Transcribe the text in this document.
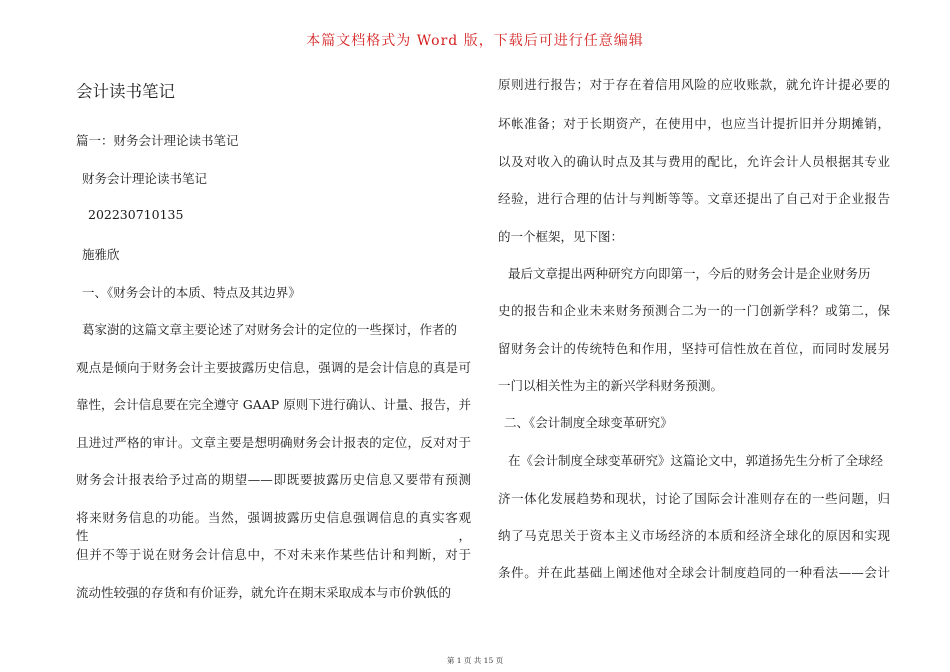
本篇文档格式为 Word 版，下载后可进行任意编辑
会计读书笔记
篇一：财务会计理论读书笔记
财务会计理论读书笔记
202230710135
施雅欣
一、《财务会计的本质、特点及其边界》
葛家澍的这篇文章主要论述了对财务会计的定位的一些探讨，作者的
观点是倾向于财务会计主要披露历史信息，强调的是会计信息的真是可
靠性，会计信息要在完全遵守 GAAP 原则下进行确认、计量、报告，并
且进过严格的审计。文章主要是想明确财务会计报表的定位，反对对于
财务会计报表给予过高的期望——即既要披露历史信息又要带有预测
将来财务信息的功能。当然，强调披露历史信息强调信息的真实客观性，
但并不等于说在财务会计信息中，不对未来作某些估计和判断，对于
流动性较强的存货和有价证券，就允许在期末采取成本与市价孰低的
原则进行报告；对于存在着信用风险的应收账款，就允许计提必要的
坏帐准备；对于长期资产，在使用中，也应当计提折旧并分期摊销，
以及对收入的确认时点及其与费用的配比，允许会计人员根据其专业
经验，进行合理的估计与判断等等。文章还提出了自己对于企业报告
的一个框架，见下图：
最后文章提出两种研究方向即第一，今后的财务会计是企业财务历
史的报告和企业未来财务预测合二为一的一门创新学科？或第二，保
留财务会计的传统特色和作用，坚持可信性放在首位，而同时发展另
一门以相关性为主的新兴学科财务预测。
二、《会计制度全球变革研究》
在《会计制度全球变革研究》这篇论文中，郭道扬先生分析了全球经
济一体化发展趋势和现状，讨论了国际会计准则存在的一些问题，归
纳了马克思关于资本主义市场经济的本质和经济全球化的原因和实现
条件。并在此基础上阐述他对全球会计制度趋同的一种看法——会计
第 1 页 共 15 页
